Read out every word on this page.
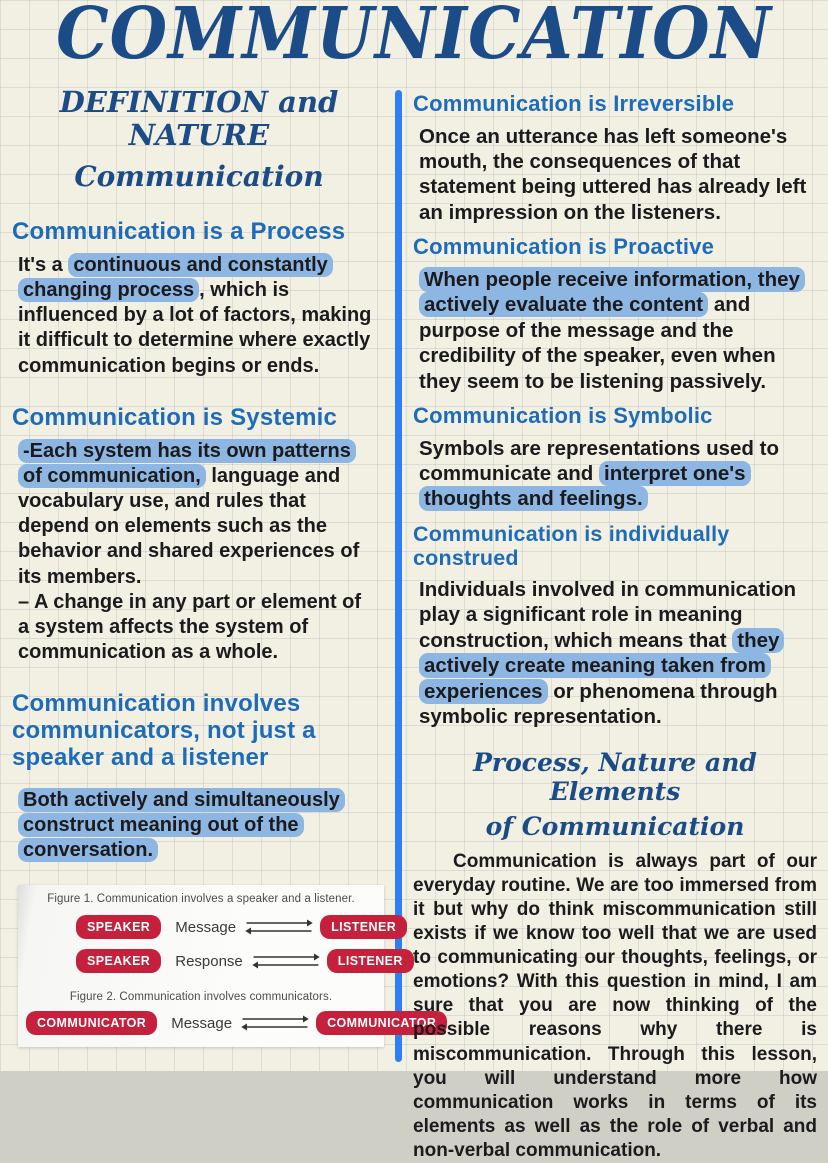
COMMUNICATION
DEFINITION and NATURE
Communication
Communication is a Process

It's a continuous and constantly changing process , which is influenced by a lot of factors, making it difficult to determine where exactly communication begins or ends.

Communication is Systemic

-Each system has its own patterns of communication, language and vocabulary use, and rules that depend on elements such as the behavior and shared experiences of its members.
– A change in any part or element of a system affects the system of communication as a whole.

Communication involves communicators, not just a speaker and a listener

Both actively and simultaneously construct meaning out of the conversation.

Figure 1. Communication involves a speaker and a listener.
SPEAKER	Message	LISTENER
SPEAKER	Response	LISTENER
Figure 2. Communication involves communicators.
COMMUNICATOR	Message	COMMUNICATOR
Communication is Irreversible

Once an utterance has left someone's mouth, the consequences of that statement being uttered has already left an impression on the listeners.

Communication is Proactive

When people receive information, they actively evaluate the content and purpose of the message and the credibility of the speaker, even when they seem to be listening passively.

Communication is Symbolic

Symbols are representations used to communicate and interpret one's thoughts and feelings.

Communication is individually construed

Individuals involved in communication play a significant role in meaning construction, which means that they actively create meaning taken from experiences or phenomena through symbolic representation.

Process, Nature and Elements
of Communication

Communication is always part of our everyday routine. We are too immersed from it but why do think miscommunication still exists if we know too well that we are used to communicating our thoughts, feelings, or emotions? With this question in mind, I am sure that you are now thinking of the possible reasons why there is miscommunication. Through this lesson, you will understand more how communication works in terms of its elements as well as the role of verbal and non-verbal communication.
